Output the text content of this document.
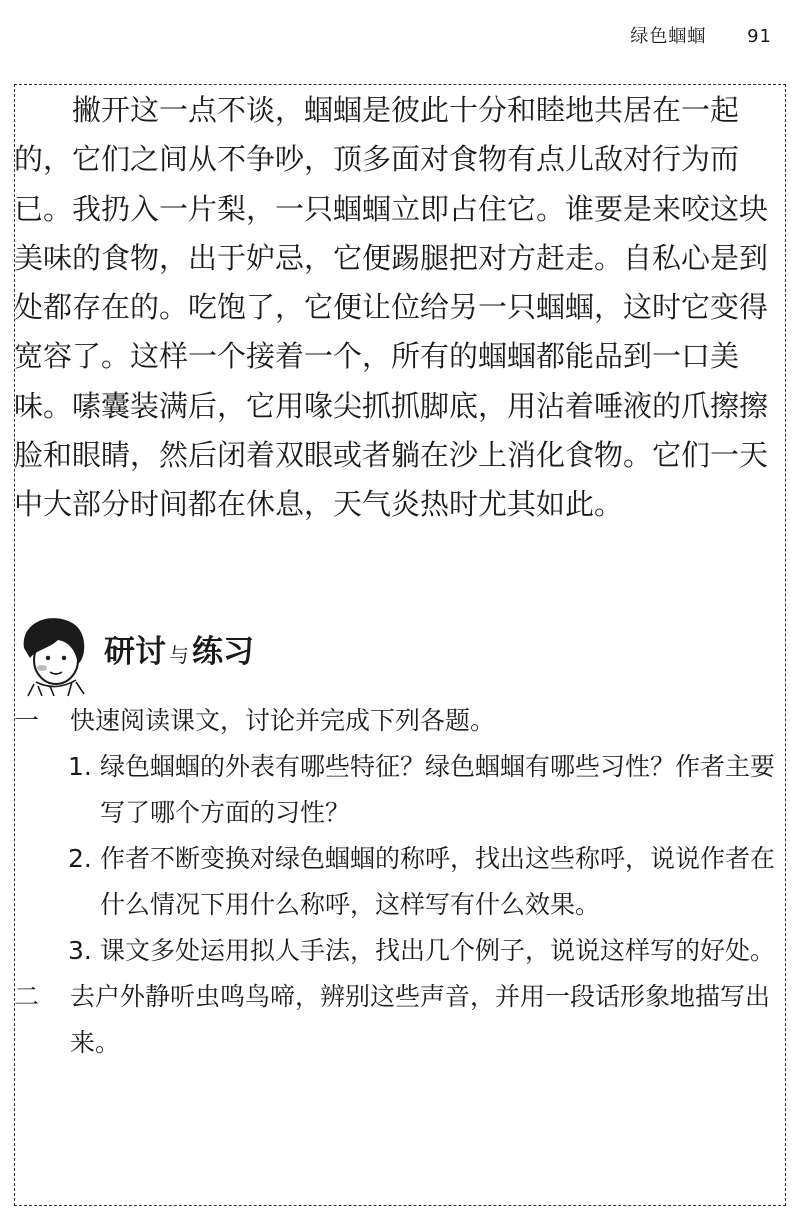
绿色蝈蝈 91

撇开这一点不谈，蝈蝈是彼此十分和睦地共居在一起的，它们之间从不争吵，顶多面对食物有点儿敌对行为而已。我扔入一片梨，一只蝈蝈立即占住它。谁要是来咬这块美味的食物，出于妒忌，它便踢腿把对方赶走。自私心是到处都存在的。吃饱了，它便让位给另一只蝈蝈，这时它变得宽容了。这样一个接着一个，所有的蝈蝈都能品到一口美味。嗉囊装满后，它用喙尖抓抓脚底，用沾着唾液的爪擦擦脸和眼睛，然后闭着双眼或者躺在沙上消化食物。它们一天中大部分时间都在休息，天气炎热时尤其如此。

研讨 与练习
一 快速阅读课文，讨论并完成下列各题。
1. 绿色蝈蝈的外表有哪些特征？绿色蝈蝈有哪些习性？作者主要写了哪个方面的习性？
2. 作者不断变换对绿色蝈蝈的称呼，找出这些称呼，说说作者在什么情况下用什么称呼，这样写有什么效果。
3. 课文多处运用拟人手法，找出几个例子，说说这样写的好处。
二 去户外静听虫鸣鸟啼，辨别这些声音，并用一段话形象地描写出来。
